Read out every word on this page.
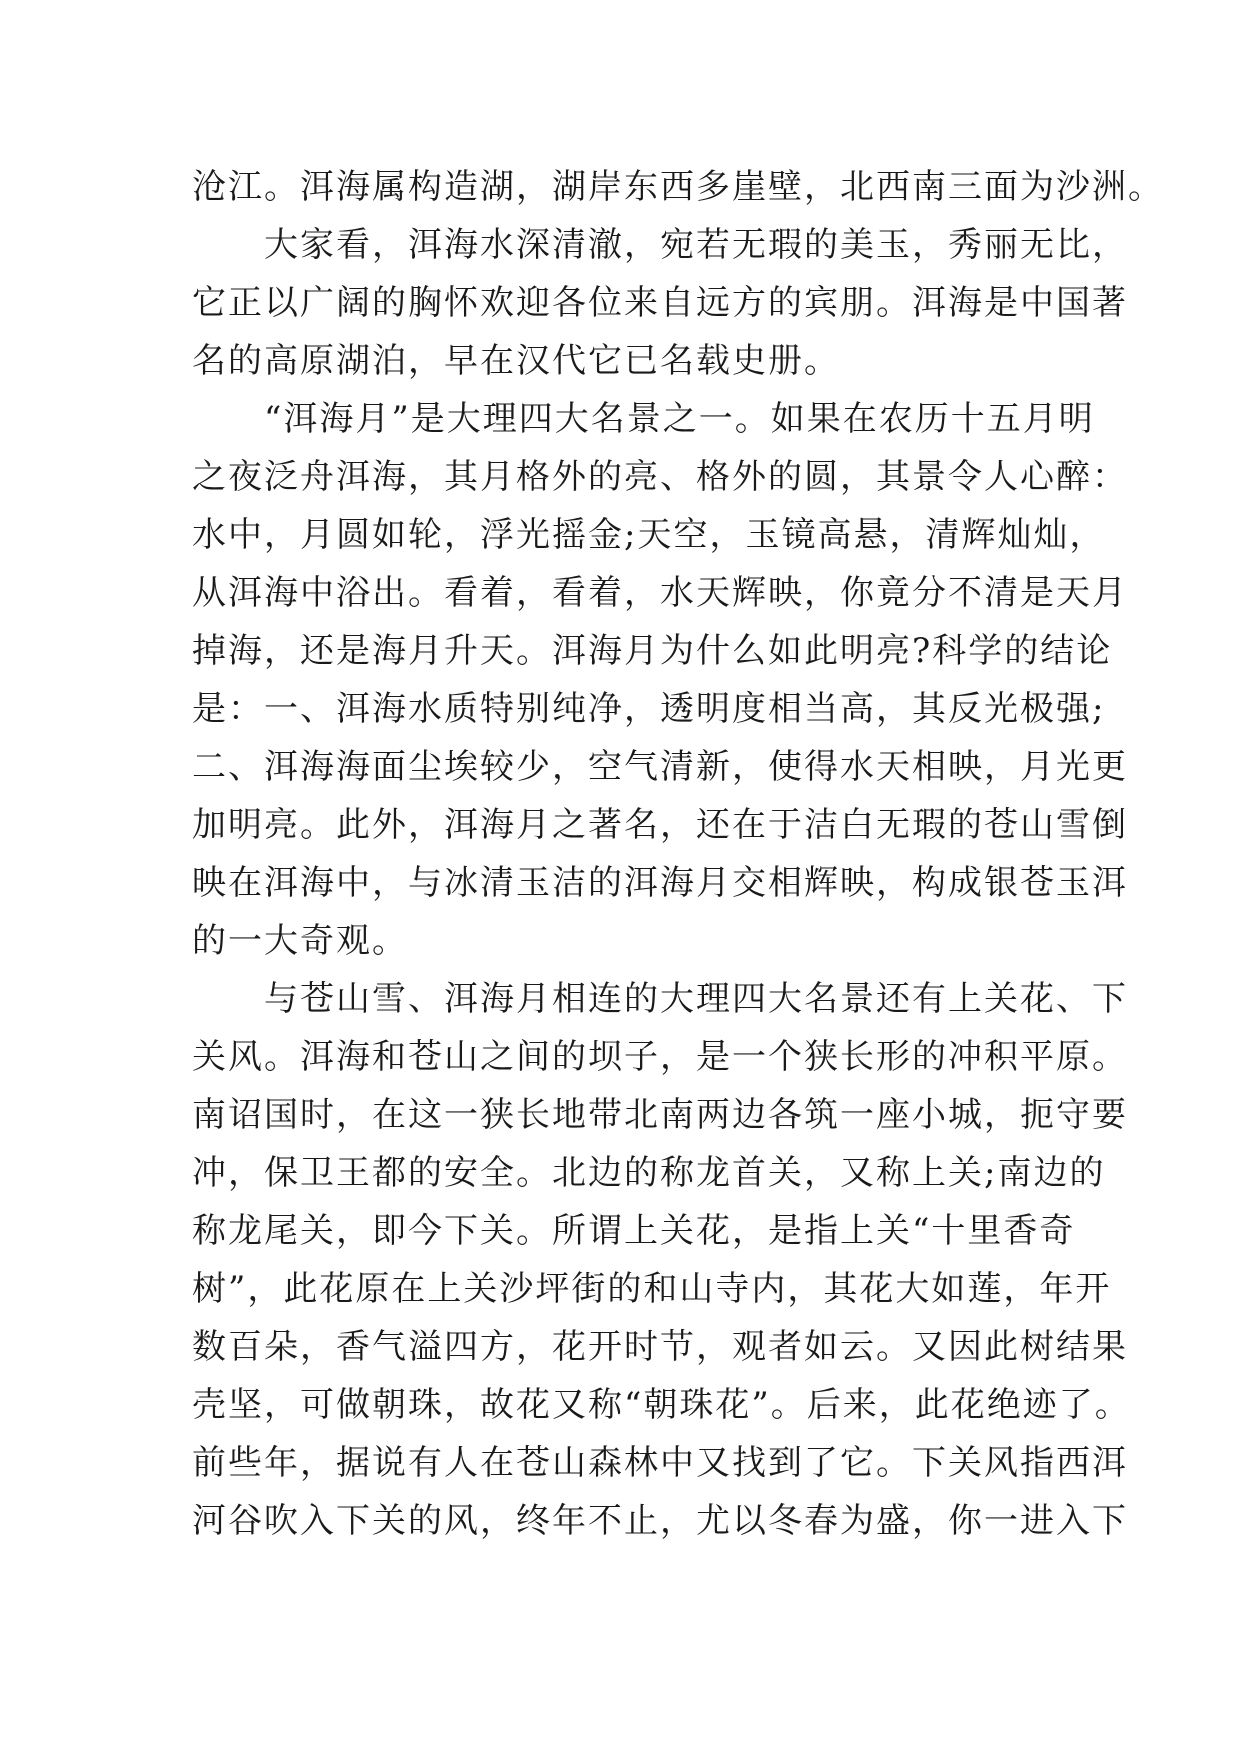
沧江。洱海属构造湖，湖岸东西多崖壁，北西南三面为沙洲。
大家看，洱海水深清澈，宛若无瑕的美玉，秀丽无比，
它正以广阔的胸怀欢迎各位来自远方的宾朋。洱海是中国著
名的高原湖泊，早在汉代它已名载史册。
“洱海月”是大理四大名景之一。如果在农历十五月明
之夜泛舟洱海，其月格外的亮、格外的圆，其景令人心醉：
水中，月圆如轮，浮光摇金;天空，玉镜高悬，清辉灿灿，
从洱海中浴出。看着，看着，水天辉映，你竟分不清是天月
掉海，还是海月升天。洱海月为什么如此明亮?科学的结论
是：一、洱海水质特别纯净，透明度相当高，其反光极强;
二、洱海海面尘埃较少，空气清新，使得水天相映，月光更
加明亮。此外，洱海月之著名，还在于洁白无瑕的苍山雪倒
映在洱海中，与冰清玉洁的洱海月交相辉映，构成银苍玉洱
的一大奇观。
与苍山雪、洱海月相连的大理四大名景还有上关花、下
关风。洱海和苍山之间的坝子，是一个狭长形的冲积平原。
南诏国时，在这一狭长地带北南两边各筑一座小城，扼守要
冲，保卫王都的安全。北边的称龙首关，又称上关;南边的
称龙尾关，即今下关。所谓上关花，是指上关“十里香奇
树”，此花原在上关沙坪街的和山寺内，其花大如莲，年开
数百朵，香气溢四方，花开时节，观者如云。又因此树结果
壳坚，可做朝珠，故花又称“朝珠花”。后来，此花绝迹了。
前些年，据说有人在苍山森林中又找到了它。下关风指西洱
河谷吹入下关的风，终年不止，尤以冬春为盛，你一进入下
